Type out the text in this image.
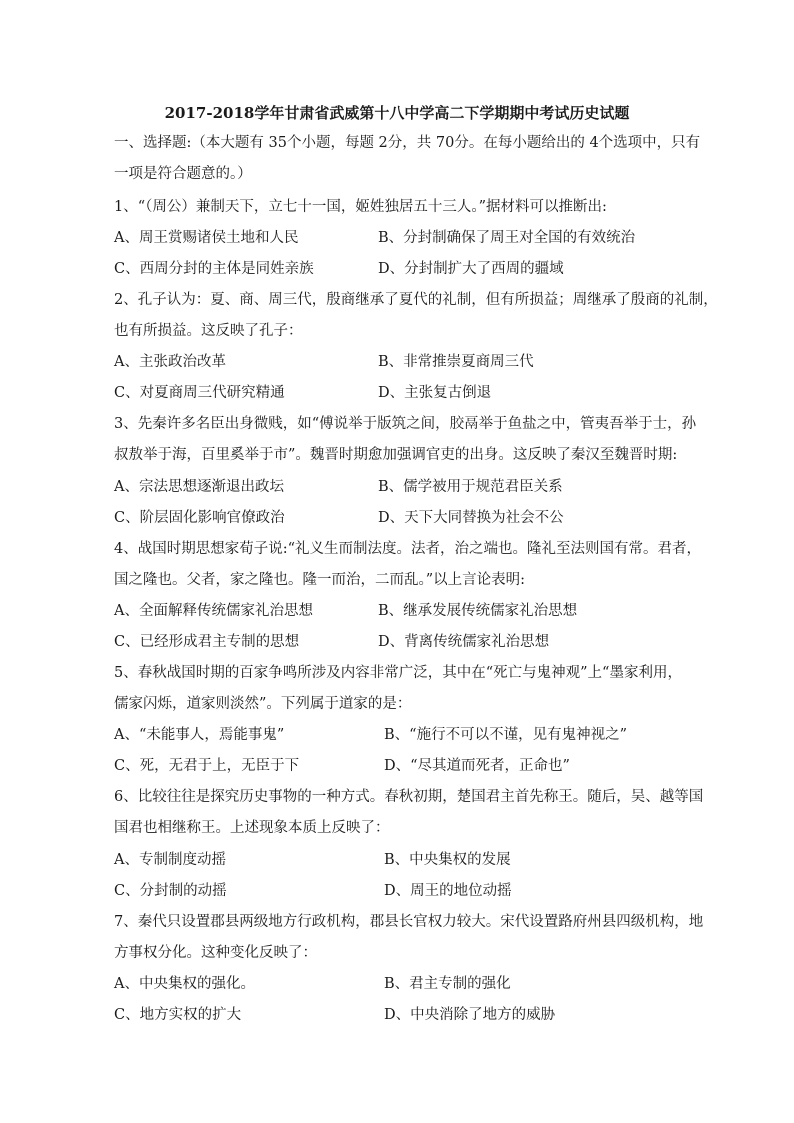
2017-2018学年甘肃省武威第十八中学高二下学期期中考试历史试题
一、选择题:（本大题有 35个小题，每题 2分，共 70分。在每小题给出的 4个选项中，只有
一项是符合题意的。）
1、“（周公）兼制天下，立七十一国，姬姓独居五十三人。”据材料可以推断出:
A、周王赏赐诸侯土地和人民	B、分封制确保了周王对全国的有效统治
C、西周分封的主体是同姓亲族	D、分封制扩大了西周的疆域
2、孔子认为：夏、商、周三代，殷商继承了夏代的礼制，但有所损益；周继承了殷商的礼制，
也有所损益。这反映了孔子：
A、主张政治改革	B、非常推崇夏商周三代
C、对夏商周三代研究精通	D、主张复古倒退
3、先秦许多名臣出身微贱，如“傅说举于版筑之间，胶鬲举于鱼盐之中，管夷吾举于士，孙
叔敖举于海，百里奚举于市”。魏晋时期愈加强调官吏的出身。这反映了秦汉至魏晋时期:
A、宗法思想逐渐退出政坛	B、儒学被用于规范君臣关系
C、阶层固化影响官僚政治	D、天下大同替换为社会不公
4、战国时期思想家荀子说:“礼义生而制法度。法者，治之端也。隆礼至法则国有常。君者，
国之隆也。父者，家之隆也。隆一而治，二而乱。”以上言论表明:
A、全面解释传统儒家礼治思想	B、继承发展传统儒家礼治思想
C、已经形成君主专制的思想	D、背离传统儒家礼治思想
5、春秋战国时期的百家争鸣所涉及内容非常广泛，其中在“死亡与鬼神观”上“墨家利用，
儒家闪烁，道家则淡然”。下列属于道家的是：
A、“未能事人，焉能事鬼”	B、“施行不可以不谨，见有鬼神视之”
C、死，无君于上，无臣于下	D、“尽其道而死者，正命也”
6、比较往往是探究历史事物的一种方式。春秋初期，楚国君主首先称王。随后，吴、越等国
国君也相继称王。上述现象本质上反映了：
A、专制制度动摇	B、中央集权的发展
C、分封制的动摇	D、周王的地位动摇
7、秦代只设置郡县两级地方行政机构，郡县长官权力较大。宋代设置路府州县四级机构，地
方事权分化。这种变化反映了：
A、中央集权的强化。	B、君主专制的强化
C、地方实权的扩大	D、中央消除了地方的威胁
